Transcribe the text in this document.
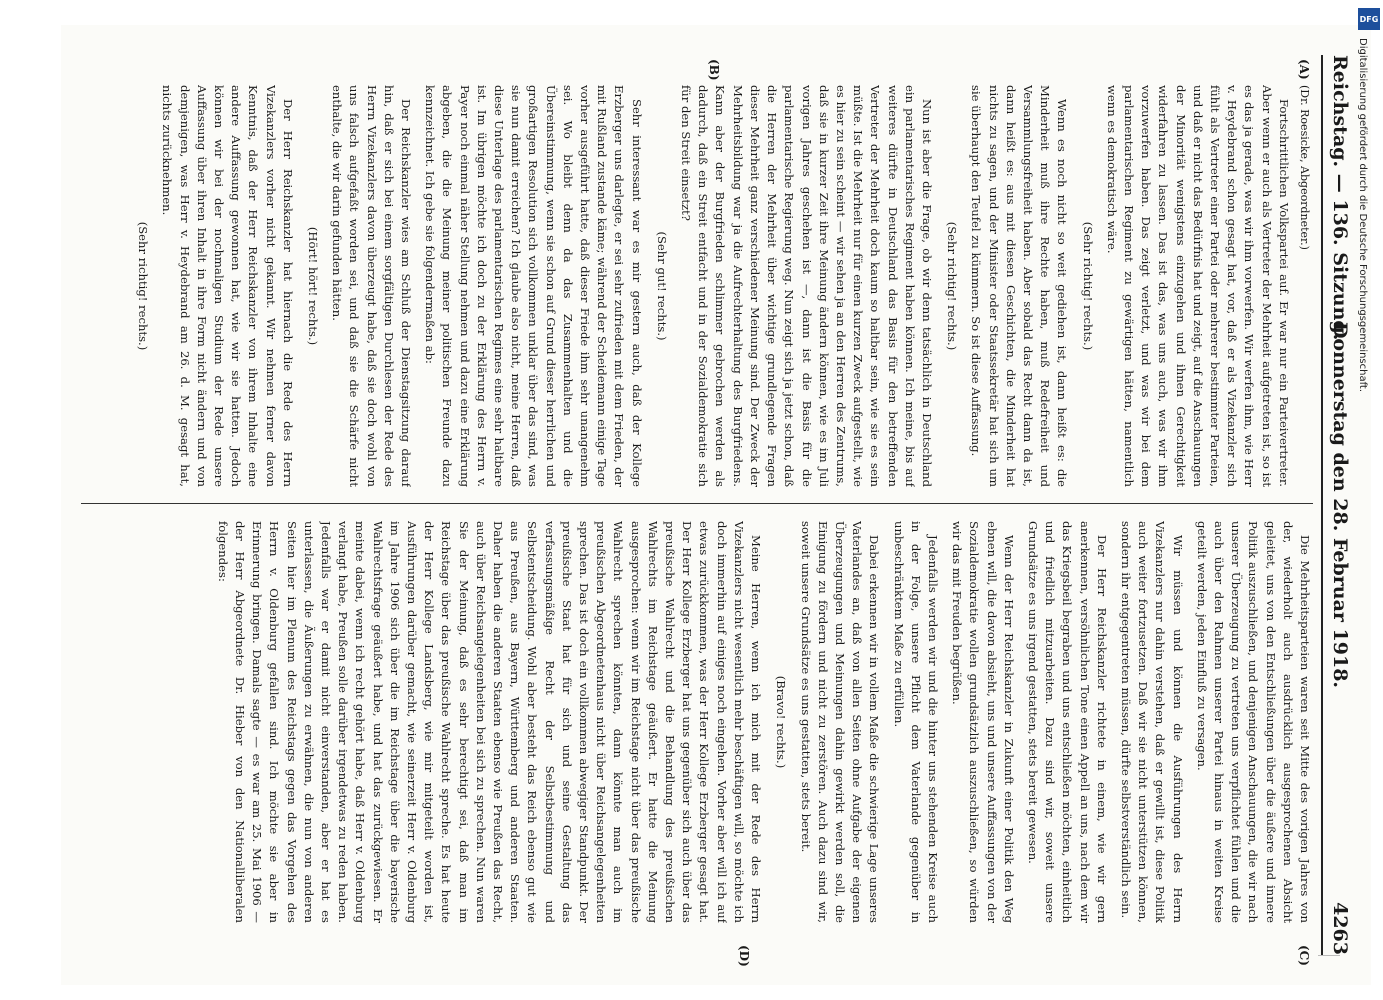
Reichstag. — 136. Sitzung.
Donnerstag den 28. Februar 1918.
4263
(A)
(B)
(C)
(D)
(Dr. Roesicke, Abgeordneter.)

Fortschrittlichen Volkspartei auf. Er war nur ein Parteivertreter. Aber wenn er auch als Vertreter der Mehrheit aufgetreten ist, so ist es das ja gerade, was wir ihm vorwerfen. Wir werfen ihm, wie Herr v. Heydebrand schon gesagt hat, vor, daß er als Vizekanzler sich fühlt als Vertreter einer Partei oder mehrerer bestimmter Parteien, und daß er nicht das Bedürfnis hat und zeigt, auf die Anschauungen der Minorität wenigstens einzugehen und ihnen Gerechtigkeit widerfahren zu lassen. Das ist das, was uns auch, was wir ihm vorzuwerfen haben. Das zeigt verletzt, und was wir bei dem parlamentarischen Regiment zu gewärtigen hätten, namentlich wenn es demokratisch wäre.

(Sehr richtig! rechts.)

Wenn es noch nicht so weit gediehen ist, dann heißt es: die Minderheit muß ihre Rechte haben, muß Redefreiheit und Versammlungsfreiheit haben. Aber sobald das Recht dann da ist, dann heißt es: aus mit diesen Geschichten, die Minderheit hat nichts zu sagen, und der Minister oder Staatssekretär hat sich um sie überhaupt den Teufel zu kümmern. So ist diese Auffassung.

(Sehr richtig! rechts.)

Nun ist aber die Frage, ob wir denn tatsächlich in Deutschland ein parlamentarisches Regiment haben können. Ich meine, bis auf weiteres dürfte in Deutschland das Basis für den betreffenden Vertreter der Mehrheit doch kaum so haltbar sein, wie sie es sein müßte. Ist die Mehrheit nur für einen kurzen Zweck aufgestellt, wie es hier zu sein scheint — wir sehen ja an den Herren des Zentrums, daß sie in kurzer Zeit ihre Meinung ändern können, wie es im Juli vorigen Jahres geschehen ist —, dann ist die Basis für die parlamentarische Regierung weg. Nun zeigt sich ja jetzt schon, daß die Herren der Mehrheit über wichtige grundlegende Fragen dieser Mehrheit ganz verschiedener Meinung sind. Der Zweck der Mehrheitsbildung war ja die Aufrechterhaltung des Burgfriedens. Kann aber der Burgfrieden schlimmer gebrochen werden als dadurch, daß ein Streit entfacht und in der Sozialdemokratie sich für den Streit einsetzt?

(Sehr gut! rechts.)

Sehr interessant war es mir gestern auch, daß der Kollege Erzberger uns darlegte, er sei sehr zufrieden mit dem Frieden, der mit Rußland zustande käme; während der Scheidemann einige Tage vorher ausgeführt hatte, daß dieser Friede ihm sehr unangenehm sei. Wo bleibt denn da das Zusammenhalten und die Übereinstimmung, wenn sie schon auf Grund dieser herrlichen und großartigen Resolution sich vollkommen unklar über das sind, was sie nun damit erreichen? Ich glaube also nicht, meine Herren, daß diese Unterlage des parlamentarischen Regimes eine sehr haltbare ist. Im übrigen möchte ich doch zu der Erklärung des Herrn v. Payer noch einmal näher Stellung nehmen und dazu eine Erklärung abgeben, die die Meinung meiner politischen Freunde dazu kennzeichnet. Ich gebe sie folgendermaßen ab:

Der Reichskanzler wies am Schluß der Dienstagsitzung darauf hin, daß er sich bei einem sorgfältigen Durchlesen der Rede des Herrn Vizekanzlers davon überzeugt habe, daß sie doch wohl von uns falsch aufgefaßt worden sei, und daß sie die Schärfe nicht enthalte, die wir darin gefunden hätten.

(Hört! hört! rechts.)

Der Herr Reichskanzler hat hiernach die Rede des Herrn Vizekanzlers vorher nicht gekannt. Wir nehmen ferner davon Kenntnis, daß der Herr Reichskanzler von ihrem Inhalte eine andere Auffassung gewonnen hat, wie wir sie hatten. Jedoch können wir bei der nochmaligen Studium der Rede unsere Auffassung über ihren Inhalt in ihre Form nicht ändern und von demjenigen, was Herr v. Heydebrand am 26. d. M. gesagt hat, nichts zurücknehmen.

(Sehr richtig! rechts.)

Die Mehrheitsparteien waren seit Mitte des vorigen Jahres von der, wiederholt auch ausdrücklich ausgesprochenen Absicht geleitet, uns von den Entschließungen über die äußere und innere Politik auszuschließen, und denjenigen Anschauungen, die wir nach unserer Überzeugung zu vertreten uns verpflichtet fühlen und die auch über den Rahmen unserer Partei hinaus in weiten Kreise geteilt werden, jeden Einfluß zu versagen.

Wir müssen und können die Ausführungen des Herrn Vizekanzlers nur dahin verstehen, daß er gewillt ist, diese Politik auch weiter fortzusetzen. Daß wir sie nicht unterstützen können, sondern ihr entgegentreten müssen, dürfte selbstverständlich sein.

Der Herr Reichskanzler richtete in einem, wie wir gern anerkennen, versöhnlichen Tone einen Appell an uns, nach dem wir das Kriegsbeil begraben und uns entschließen möchten, einheitlich und friedlich mitzuarbeiten. Dazu sind wir, soweit unsere Grundsätze es uns irgend gestatten, stets bereit gewesen.

Wenn der Herr Reichskanzler in Zukunft einer Politik den Weg ebnen will, die davon absieht, uns und unsere Auffassungen von der Sozialdemokratie wollen grundsätzlich auszuschließen, so würden wir das mit Freuden begrüßen.

Jedenfalls werden wir und die hinter uns stehenden Kreise auch in der Folge, unsere Pflicht dem Vaterlande gegenüber in unbeschränktem Maße zu erfüllen.

Dabei erkennen wir in vollem Maße die schwierige Lage unseres Vaterlandes an, daß von allen Seiten ohne Aufgabe der eigenen Überzeugungen und Meinungen dahin gewirkt werden soll, die Einigung zu fördern und nicht zu zerstören. Auch dazu sind wir, soweit unsere Grundsätze es uns gestatten, stets bereit.

(Bravo! rechts.)

Meine Herren, wenn ich mich mit der Rede des Herrn Vizekanzlers nicht wesentlich mehr beschäftigen will, so möchte ich doch immerhin auf einiges noch eingehen. Vorher aber will ich auf etwas zurückkommen, was der Herr Kollege Erzberger gesagt hat. Der Herr Kollege Erzberger hat uns gegenüber sich auch über das preußische Wahlrecht und die Behandlung des preußischen Wahlrechts im Reichstage geäußert. Er hatte die Meinung ausgesprochen: wenn wir im Reichstage nicht über das preußische Wahlrecht sprechen könnten, dann könnte man auch im preußischen Abgeordnetenhaus nicht über Reichsangelegenheiten sprechen. Das ist doch ein vollkommen abwegiger Standpunkt. Der preußische Staat hat für sich und seine Gestaltung das verfassungsmäßige Recht der Selbstbestimmung und Selbstentscheidung. Wohl aber besteht das Reich ebenso gut wie aus Preußen, aus Bayern, Württemberg und anderen Staaten. Daher haben die anderen Staaten ebenso wie Preußen das Recht, auch über Reichsangelegenheiten bei sich zu sprechen. Nun waren Sie der Meinung, daß es sehr berechtigt sei, daß man im Reichstage über das preußische Wahlrecht spreche. Es hat heute der Herr Kollege Landsberg, wie mir mitgeteilt worden ist, Ausführungen darüber gemacht, wie seinerzeit Herr v. Oldenburg im Jahre 1906 sich über die im Reichstage über die bayerische Wahlrechtsfrage geäußert habe, und hat das zurückgewiesen. Er meinte dabei, wenn ich recht gehört habe, daß Herr v. Oldenburg verlangt habe, Preußen solle darüber irgendetwas zu reden haben. Jedenfalls war er damit nicht einverstanden, aber er hat es unterlassen, die Äußerungen zu erwähnen, die nun von anderen Seiten hier im Plenum des Reichstags gegen das Vorgehen des Herrn v. Oldenburg gefallen sind. Ich möchte sie aber in Erinnerung bringen. Damals sagte — es war am 25. Mai 1906 — der Herr Abgeordnete Dr. Hieber von den Nationalliberalen folgendes:

DFG
Digitalisierung gefördert durch die Deutsche Forschungsgemeinschaft.
